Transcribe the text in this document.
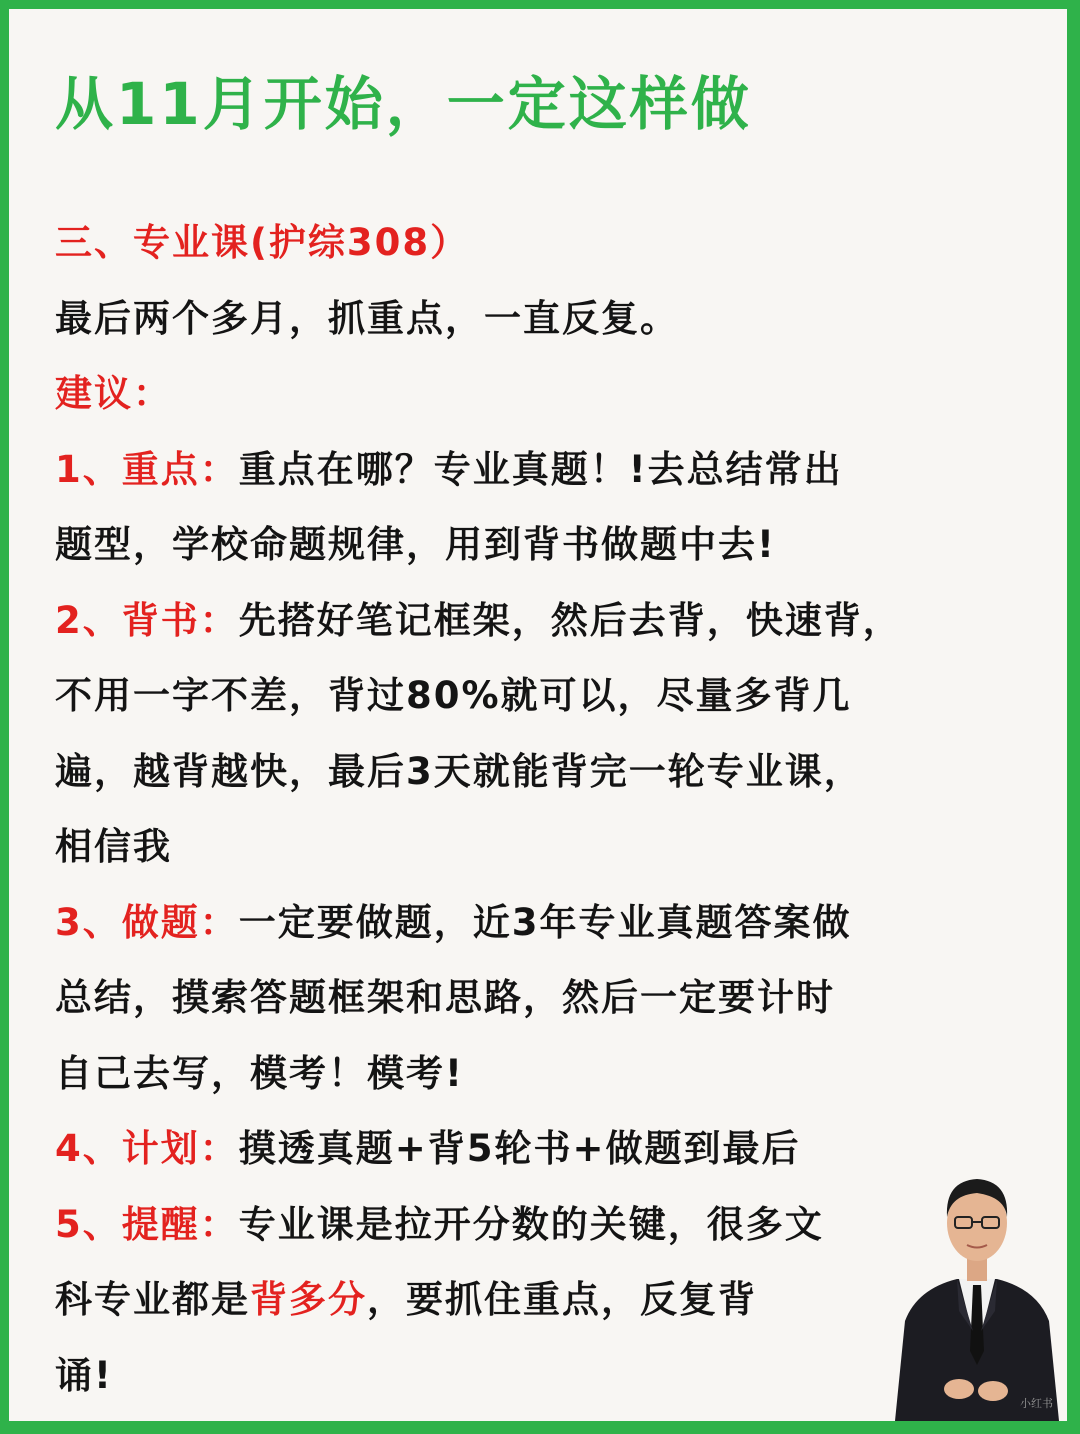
从11月开始，一定这样做
三、专业课(护综308）
最后两个多月，抓重点，一直反复。
建议：
1、重点：重点在哪？专业真题！!去总结常出
题型，学校命题规律，用到背书做题中去!
2、背书：先搭好笔记框架，然后去背，快速背，
不用一字不差，背过80%就可以，尽量多背几
遍，越背越快，最后3天就能背完一轮专业课，
相信我
3、做题：一定要做题，近3年专业真题答案做
总结，摸索答题框架和思路，然后一定要计时
自己去写，模考！模考!
4、计划：摸透真题+背5轮书+做题到最后
5、提醒：专业课是拉开分数的关键，很多文
科专业都是背多分，要抓住重点，反复背
诵!
小红书
